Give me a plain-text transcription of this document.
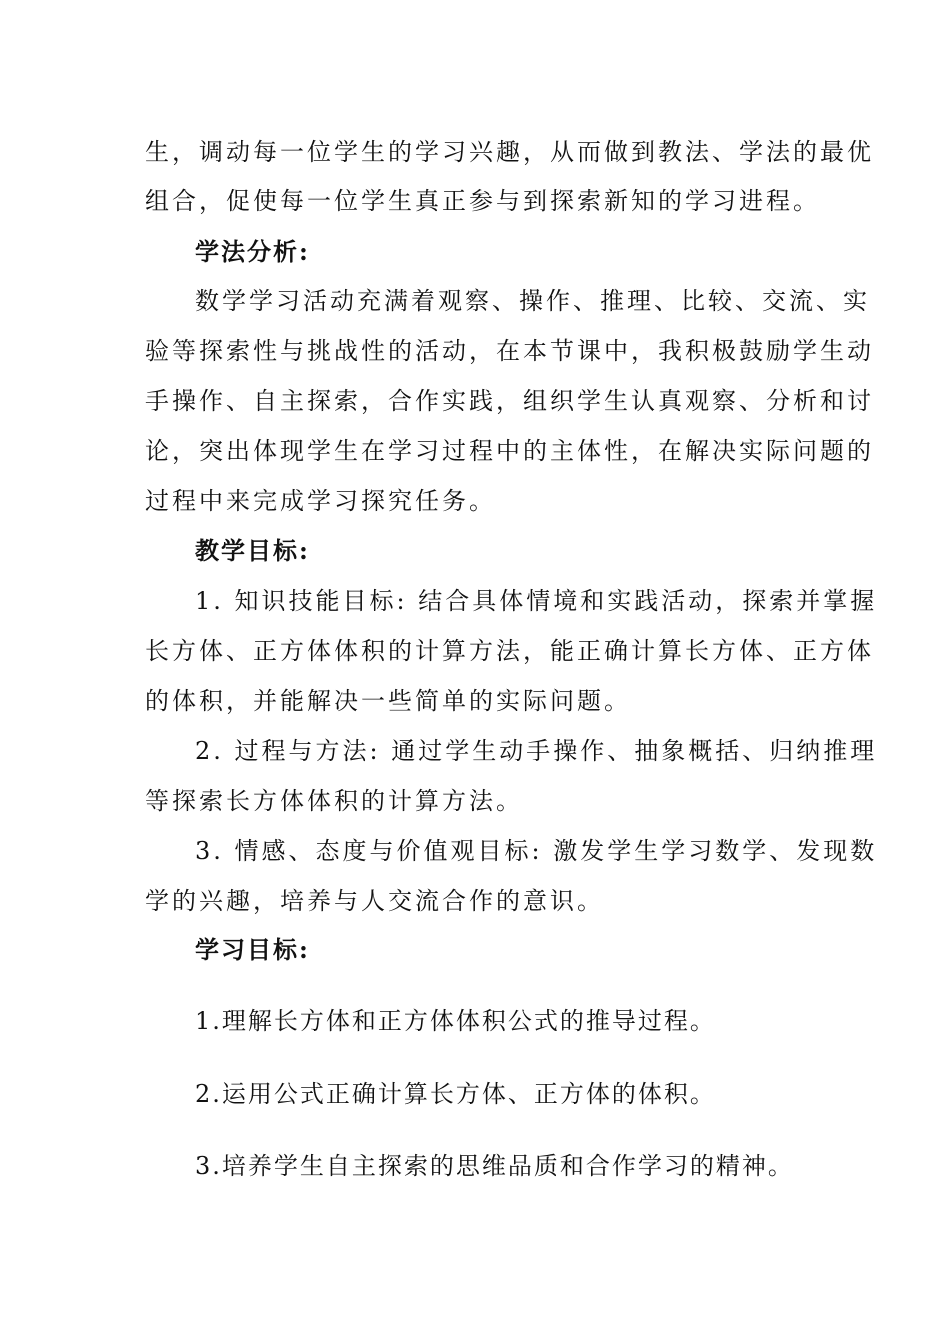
生，调动每一位学生的学习兴趣，从而做到教法、学法的最优
组合，促使每一位学生真正参与到探索新知的学习进程。
学法分析:
数学学习活动充满着观察、操作、推理、比较、交流、实
验等探索性与挑战性的活动，在本节课中，我积极鼓励学生动
手操作、自主探索，合作实践，组织学生认真观察、分析和讨
论，突出体现学生在学习过程中的主体性，在解决实际问题的
过程中来完成学习探究任务。
教学目标:
1. 知识技能目标: 结合具体情境和实践活动，探索并掌握
长方体、正方体体积的计算方法，能正确计算长方体、正方体
的体积，并能解决一些简单的实际问题。
2. 过程与方法: 通过学生动手操作、抽象概括、归纳推理
等探索长方体体积的计算方法。
3. 情感、态度与价值观目标: 激发学生学习数学、发现数
学的兴趣，培养与人交流合作的意识。
学习目标:
1.理解长方体和正方体体积公式的推导过程。
2.运用公式正确计算长方体、正方体的体积。
3.培养学生自主探索的思维品质和合作学习的精神。
